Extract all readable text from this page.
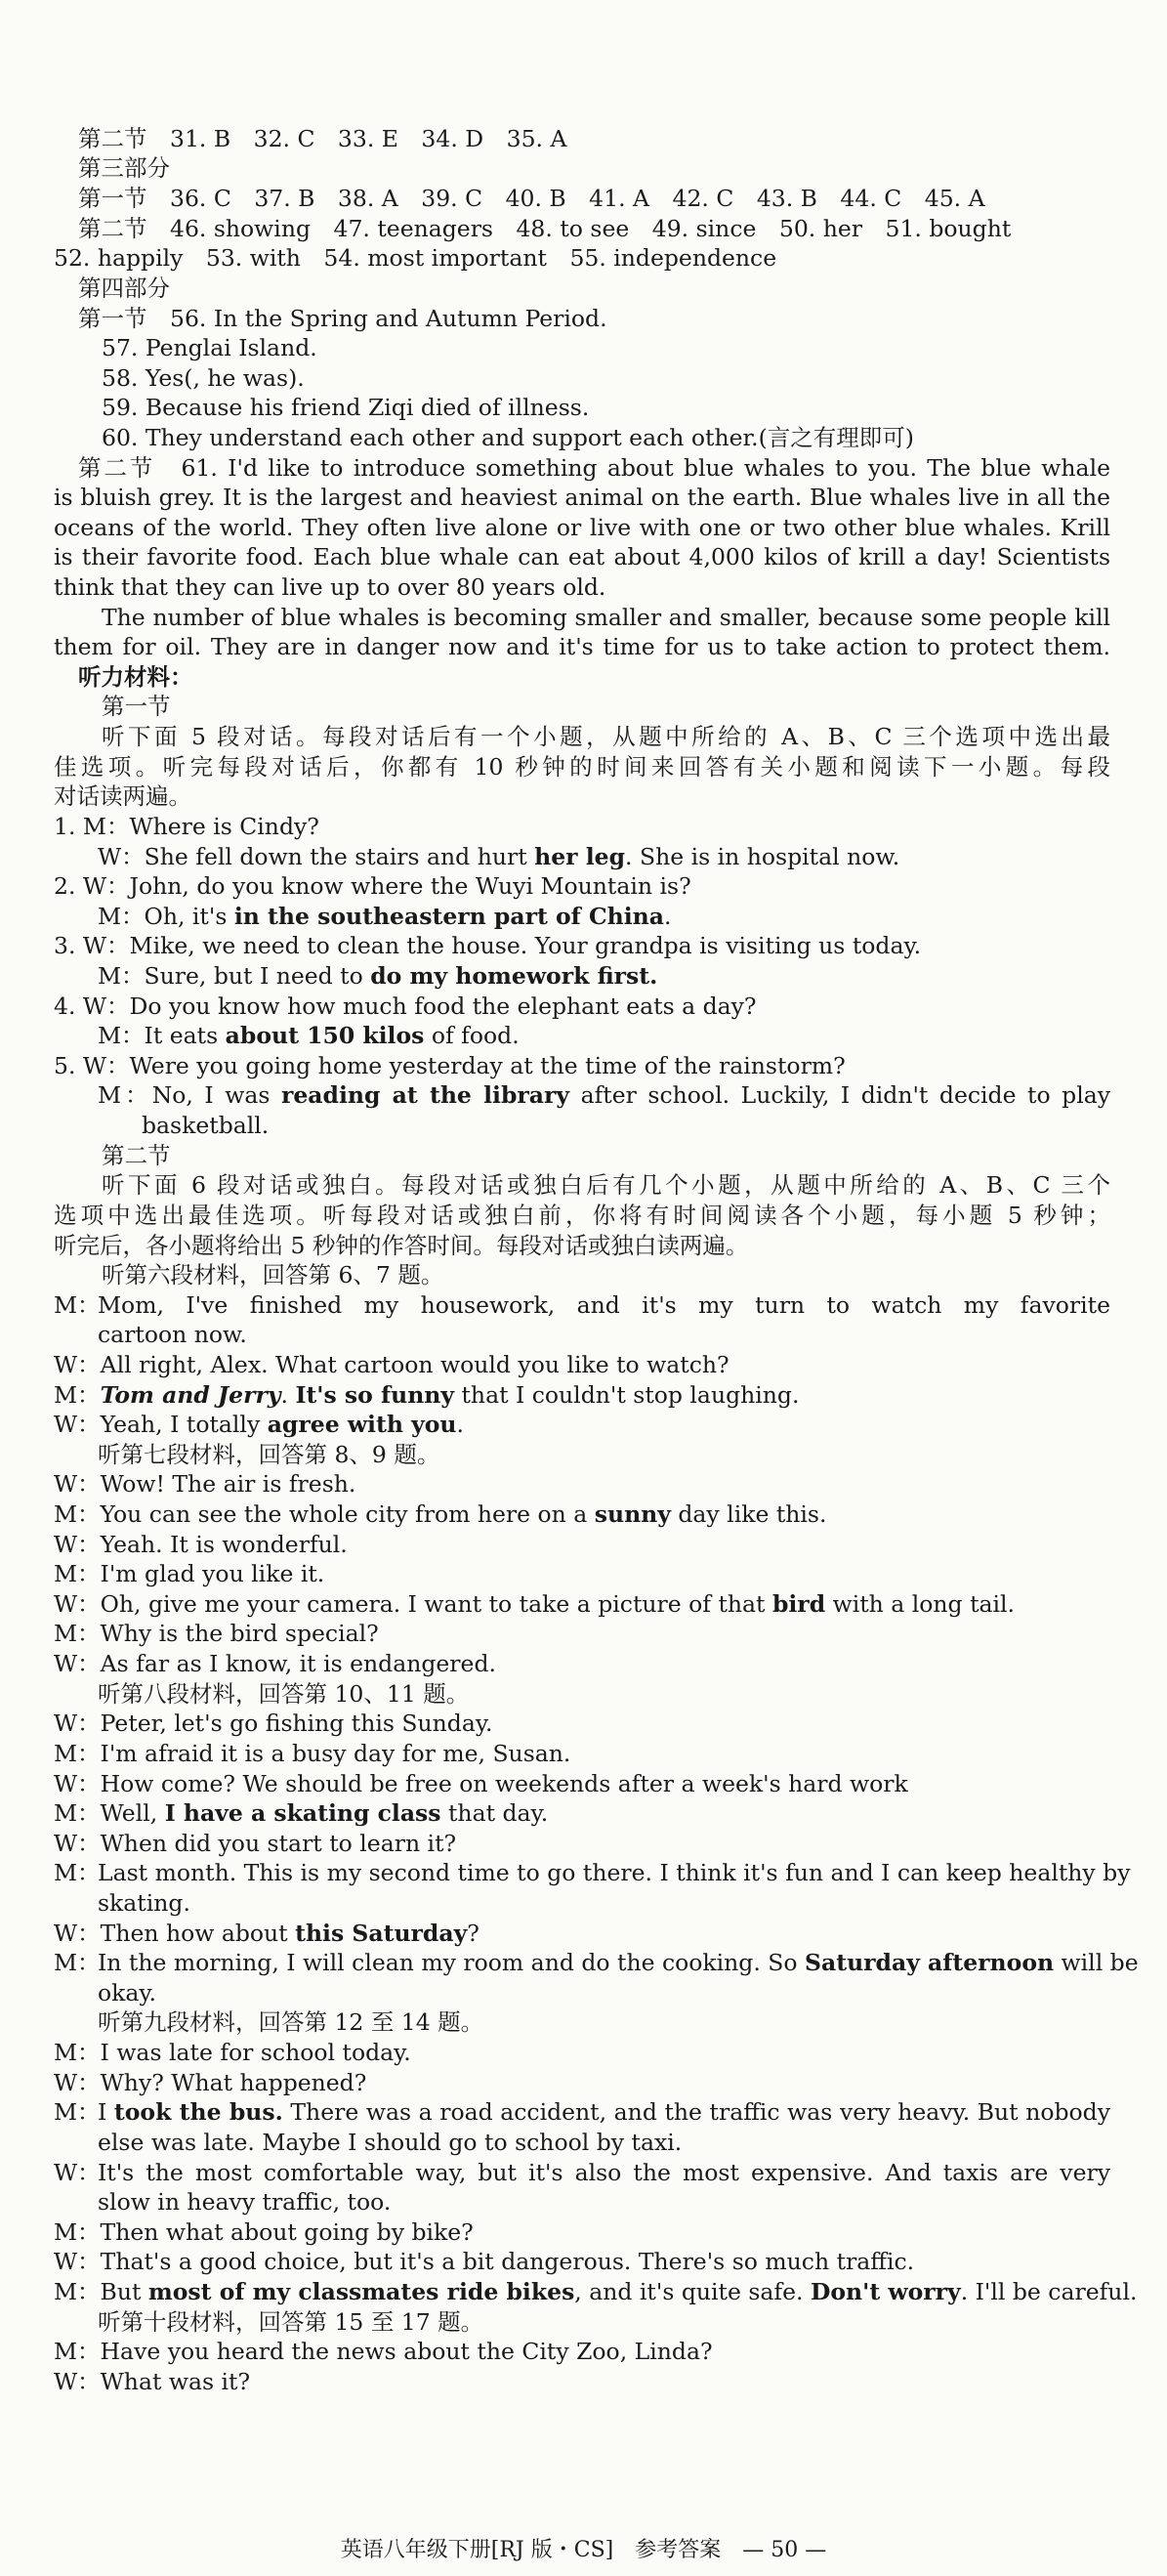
第二节　31. B　32. C　33. E　34. D　35. A
第三部分
第一节　36. C　37. B　38. A　39. C　40. B　41. A　42. C　43. B　44. C　45. A
第二节　46. showing　47. teenagers　48. to see　49. since　50. her　51. bought
52. happily　53. with　54. most important　55. independence
第四部分
第一节　56. In the Spring and Autumn Period.
57. Penglai Island.
58. Yes(, he was).
59. Because his friend Ziqi died of illness.
60. They understand each other and support each other.(言之有理即可)
第二节　61. I'd like to introduce something about blue whales to you. The blue whale
is bluish grey. It is the largest and heaviest animal on the earth. Blue whales live in all the
oceans of the world. They often live alone or live with one or two other blue whales. Krill
is their favorite food. Each blue whale can eat about 4,000 kilos of krill a day! Scientists
think that they can live up to over 80 years old.
The number of blue whales is becoming smaller and smaller, because some people kill
them for oil. They are in danger now and it's time for us to take action to protect them.
听力材料：
第一节
听下面 5 段对话。每段对话后有一个小题，从题中所给的 A、B、C 三个选项中选出最
佳选项。听完每段对话后，你都有 10 秒钟的时间来回答有关小题和阅读下一小题。每段
对话读两遍。
1. M：Where is Cindy?
W：She fell down the stairs and hurt her leg. She is in hospital now.
2. W：John, do you know where the Wuyi Mountain is?
M：Oh, it's in the southeastern part of China.
3. W：Mike, we need to clean the house. Your grandpa is visiting us today.
M：Sure, but I need to do my homework first.
4. W：Do you know how much food the elephant eats a day?
M：It eats about 150 kilos of food.
5. W：Were you going home yesterday at the time of the rainstorm?
M：No, I was reading at the library after school. Luckily, I didn't decide to play
basketball.
第二节
听下面 6 段对话或独白。每段对话或独白后有几个小题，从题中所给的 A、B、C 三个
选项中选出最佳选项。听每段对话或独白前，你将有时间阅读各个小题，每小题 5 秒钟；
听完后，各小题将给出 5 秒钟的作答时间。每段对话或独白读两遍。
听第六段材料，回答第 6、7 题。
M：Mom, I've finished my housework, and it's my turn to watch my favorite
cartoon now.
W：All right, Alex. What cartoon would you like to watch?
M：Tom and Jerry. It's so funny that I couldn't stop laughing.
W：Yeah, I totally agree with you.
听第七段材料，回答第 8、9 题。
W：Wow! The air is fresh.
M：You can see the whole city from here on a sunny day like this.
W：Yeah. It is wonderful.
M：I'm glad you like it.
W：Oh, give me your camera. I want to take a picture of that bird with a long tail.
M：Why is the bird special?
W：As far as I know, it is endangered.
听第八段材料，回答第 10、11 题。
W：Peter, let's go fishing this Sunday.
M：I'm afraid it is a busy day for me, Susan.
W：How come? We should be free on weekends after a week's hard work
M：Well, I have a skating class that day.
W：When did you start to learn it?
M：Last month. This is my second time to go there. I think it's fun and I can keep healthy by
skating.
W：Then how about this Saturday?
M：In the morning, I will clean my room and do the cooking. So Saturday afternoon will be
okay.
听第九段材料，回答第 12 至 14 题。
M：I was late for school today.
W：Why? What happened?
M：I took the bus. There was a road accident, and the traffic was very heavy. But nobody
else was late. Maybe I should go to school by taxi.
W：It's the most comfortable way, but it's also the most expensive. And taxis are very
slow in heavy traffic, too.
M：Then what about going by bike?
W：That's a good choice, but it's a bit dangerous. There's so much traffic.
M：But most of my classmates ride bikes, and it's quite safe. Don't worry. I'll be careful.
听第十段材料，回答第 15 至 17 题。
M：Have you heard the news about the City Zoo, Linda?
W：What was it?
英语八年级下册[RJ 版・CS]　参考答案　— 50 —
